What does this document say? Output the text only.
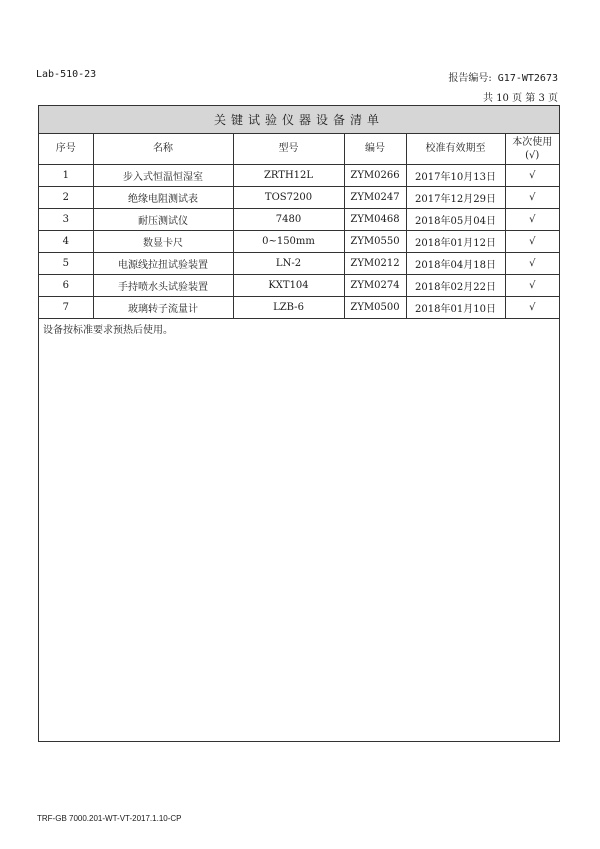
Lab-510-23	报告编号: G17-WT2673
共 10 页 第 3 页
关键试验仪器设备清单
序号	名称	型号	编号	校准有效期至	本次使用
(√)

1	步入式恒温恒湿室	ZRTH12L	ZYM0266	2017年10月13日	√
2	绝缘电阻测试表	TOS7200	ZYM0247	2017年12月29日	√
3	耐压测试仪	7480	ZYM0468	2018年05月04日	√
4	数显卡尺	0~150mm	ZYM0550	2018年01月12日	√
5	电源线拉扭试验装置	LN-2	ZYM0212	2018年04月18日	√
6	手持喷水头试验装置	KXT104	ZYM0274	2018年02月22日	√
7	玻璃转子流量计	LZB-6	ZYM0500	2018年01月10日	√
设备按标准要求预热后使用。
TRF-GB 7000.201-WT-VT-2017.1.10-CP
